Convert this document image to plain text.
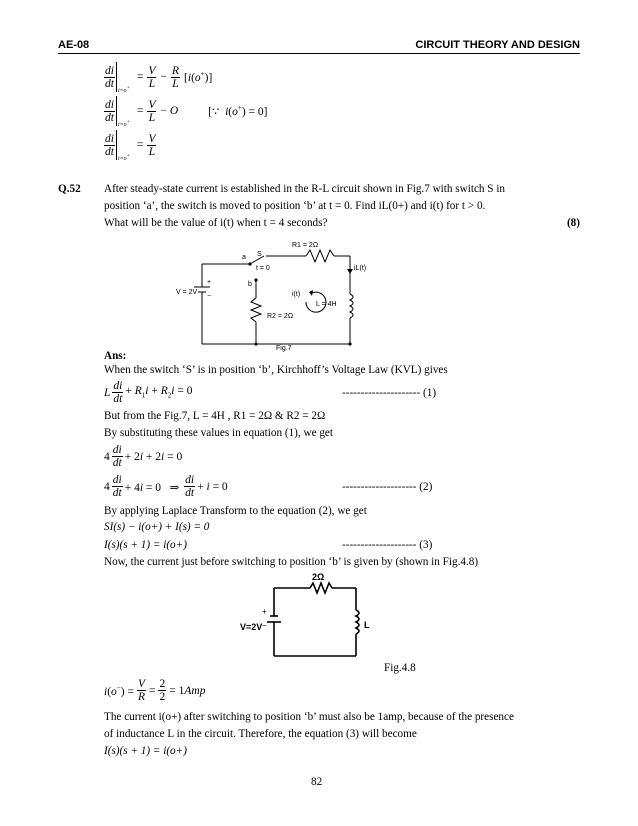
AE-08	CIRCUIT THEORY AND DESIGN
$\frac{di}{dt}$
t=o+
= $\frac{V}{L} - \frac{R}{L} [i(o^+)]$
$\frac{di}{dt}$
t=o+
= $\frac{V}{L} - O$	[∵  i(o+) = 0]
$\frac{di}{dt}$
t=o+
= $\frac{V}{L}$
Q.52 After steady-state current is established in the R-L circuit shown in Fig.7 with switch S in
position ‘a’, the switch is moved to position ‘b’ at t = 0. Find iL(0+) and i(t) for t > 0.
What will be the value of i(t) when t = 4 seconds?	(8)
a S
t = 0
b
R1 = 2Ω
R2 = 2Ω
V = 2V
+
−
iL(t)
i(t)
L = 4H
Fig.7
Ans:
When the switch ‘S’ is in position ‘b’, Kirchhoff’s Voltage Law (KVL) gives
L $\frac{di}{dt} + R_1i + R_2i = 0$	--------------------- (1)
But from the Fig.7, L = 4H , R1 = 2Ω & R2 = 2Ω
By substituting these values in equation (1), we get
$4 \frac{di}{dt} + 2i + 2i = 0$
$4 \frac{di}{dt} + 4i = 0$   ⇒ $\frac{di}{dt} + i = 0$	-------------------- (2)
By applying Laplace Transform to the equation (2), we get
SI(s) − i(o+) + I(s) = 0
I(s)(s + 1) = i(o+)	-------------------- (3)
Now, the current just before switching to position ‘b’ is given by (shown in Fig.4.8)
2Ω
V=2V
+
−	L
Fig.4.8
$i(o^-) = \frac{V}{R} = \frac{2}{2} = 1Amp$
The current i(o+) after switching to position ‘b’ must also be 1amp, because of the presence
of inductance L in the circuit. Therefore, the equation (3) will become
I(s)(s + 1) = i(o+)
82
